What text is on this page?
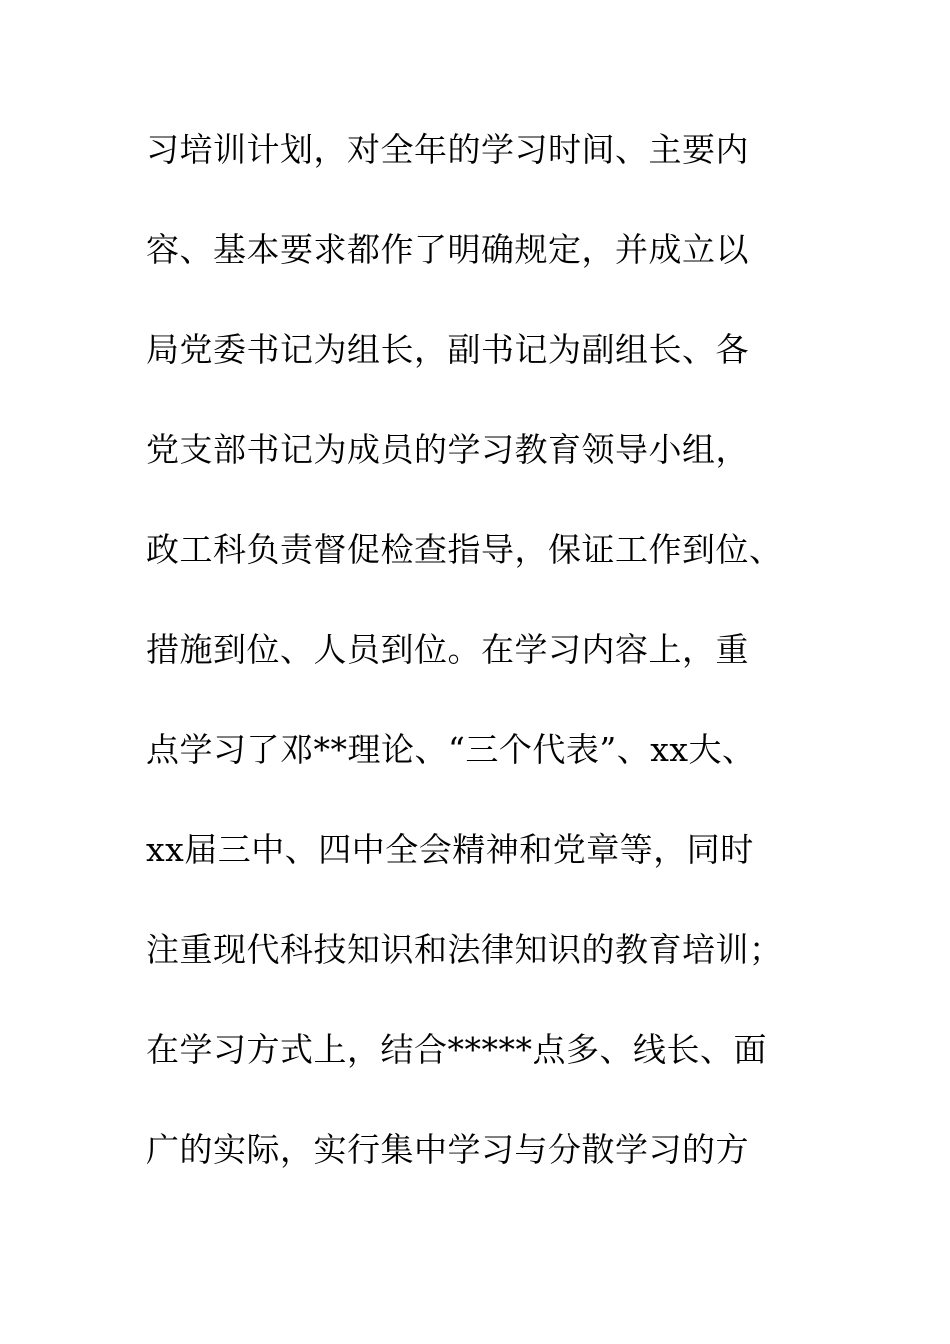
习培训计划，对全年的学习时间、主要内

容、基本要求都作了明确规定，并成立以

局党委书记为组长，副书记为副组长、各

党支部书记为成员的学习教育领导小组，

政工科负责督促检查指导，保证工作到位、

措施到位、人员到位。在学习内容上，重

点学习了邓**理论、“三个代表”、xx大、

xx届三中、四中全会精神和党章等，同时

注重现代科技知识和法律知识的教育培训；

在学习方式上，结合*****点多、线长、面

广的实际，实行集中学习与分散学习的方
